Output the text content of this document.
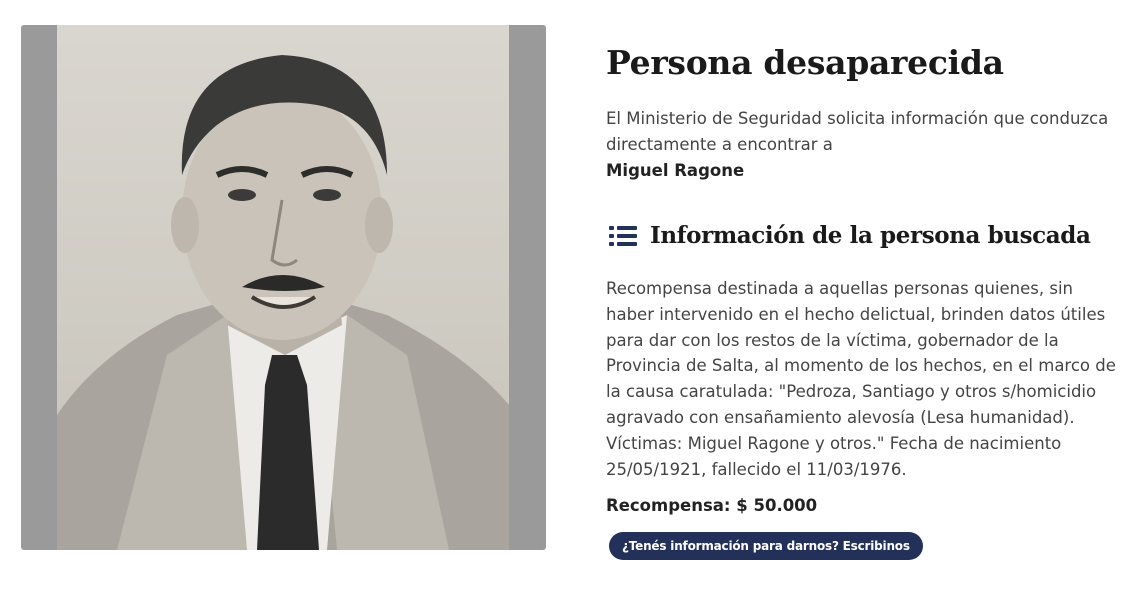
Persona desaparecida
El Ministerio de Seguridad solicita información que conduzca directamente a encontrar a
Miguel Ragone
Información de la persona buscada
Recompensa destinada a aquellas personas quienes, sin haber intervenido en el hecho delictual, brinden datos útiles para dar con los restos de la víctima, gobernador de la Provincia de Salta, al momento de los hechos, en el marco de la causa caratulada: "Pedroza, Santiago y otros s/homicidio agravado con ensañamiento alevosía (Lesa humanidad). Víctimas: Miguel Ragone y otros." Fecha de nacimiento 25/05/1921, fallecido el 11/03/1976.
Recompensa: $ 50.000
¿Tenés información para darnos? Escribinos
